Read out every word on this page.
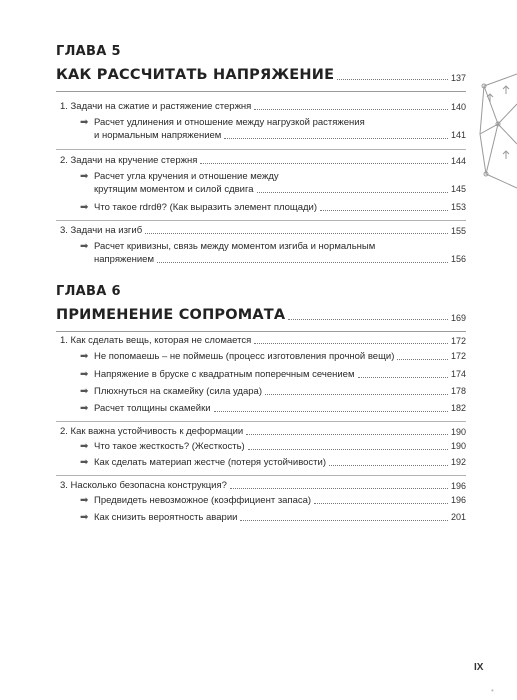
ГЛАВА 5
КАК РАССЧИТАТЬ НАПРЯЖЕНИЕ	137
1. Задачи на сжатие и растяжение стержня	140
➡ Расчет удлинения и отношение между нагрузкой растяжения
и нормальным напряжением	141
2. Задачи на кручение стержня	144
➡ Расчет угла кручения и отношение между
крутящим моментом и силой сдвига	145
➡ Что такое rdrdθ? (Как выразить элемент площади)	153
3. Задачи на изгиб	155
➡ Расчет кривизны, связь между моментом изгиба и нормальным
напряжением	156
ГЛАВА 6
ПРИМЕНЕНИЕ СОПРОМАТА	169
1. Как сделать вещь, которая не сломается	172
➡ Не попомаешь – не поймешь (процесс изготовления прочной вещи)	172
➡ Напряжение в бруске с квадратным поперечным сечением	174
➡ Плюхнуться на скамейку (сила удара)	178
➡ Расчет толщины скамейки	182
2. Как важна устойчивость к деформации	190
➡ Что такое жесткость? (Жесткость)	190
➡ Как сделать материап жестче (потеря устойчивости)	192
3. Насколько безопасна конструкция?	196
➡ Предвидеть невозможное (коэффициент запаса)	196
➡ Как снизить вероятность аварии	201
IX
•
